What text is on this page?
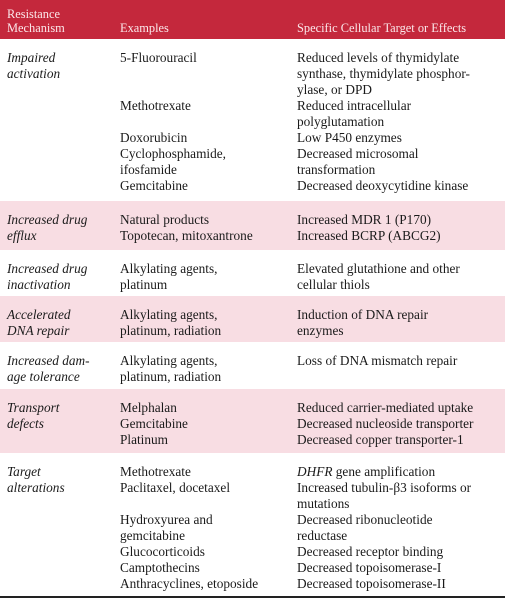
Resistance
Mechanism	Examples	Specific Cellular Target or Effects
Impaired
activation
5-Fluorouracil
Methotrexate
Doxorubicin
Cyclophosphamide,
ifosfamide
Gemcitabine
Reduced levels of thymidylate
synthase, thymidylate phosphor-
ylase, or DPD
Reduced intracellular
polyglutamation
Low P450 enzymes
Decreased microsomal
transformation
Decreased deoxycytidine kinase
Increased drug
efflux
Natural products
Topotecan, mitoxantrone
Increased MDR 1 (P170)
Increased BCRP (ABCG2)
Increased drug
inactivation
Alkylating agents,
platinum
Elevated glutathione and other
cellular thiols
Accelerated
DNA repair
Alkylating agents,
platinum, radiation
Induction of DNA repair
enzymes
Increased dam-
age tolerance
Alkylating agents,
platinum, radiation
Loss of DNA mismatch repair
Transport
defects
Melphalan
Gemcitabine
Platinum
Reduced carrier-mediated uptake
Decreased nucleoside transporter
Decreased copper transporter-1
Target
alterations
Methotrexate
Paclitaxel, docetaxel
Hydroxyurea and
gemcitabine
Glucocorticoids
Camptothecins
Anthracyclines, etoposide
DHFR gene amplification
Increased tubulin-β3 isoforms or
mutations
Decreased ribonucleotide
reductase
Decreased receptor binding
Decreased topoisomerase-I
Decreased topoisomerase-II
